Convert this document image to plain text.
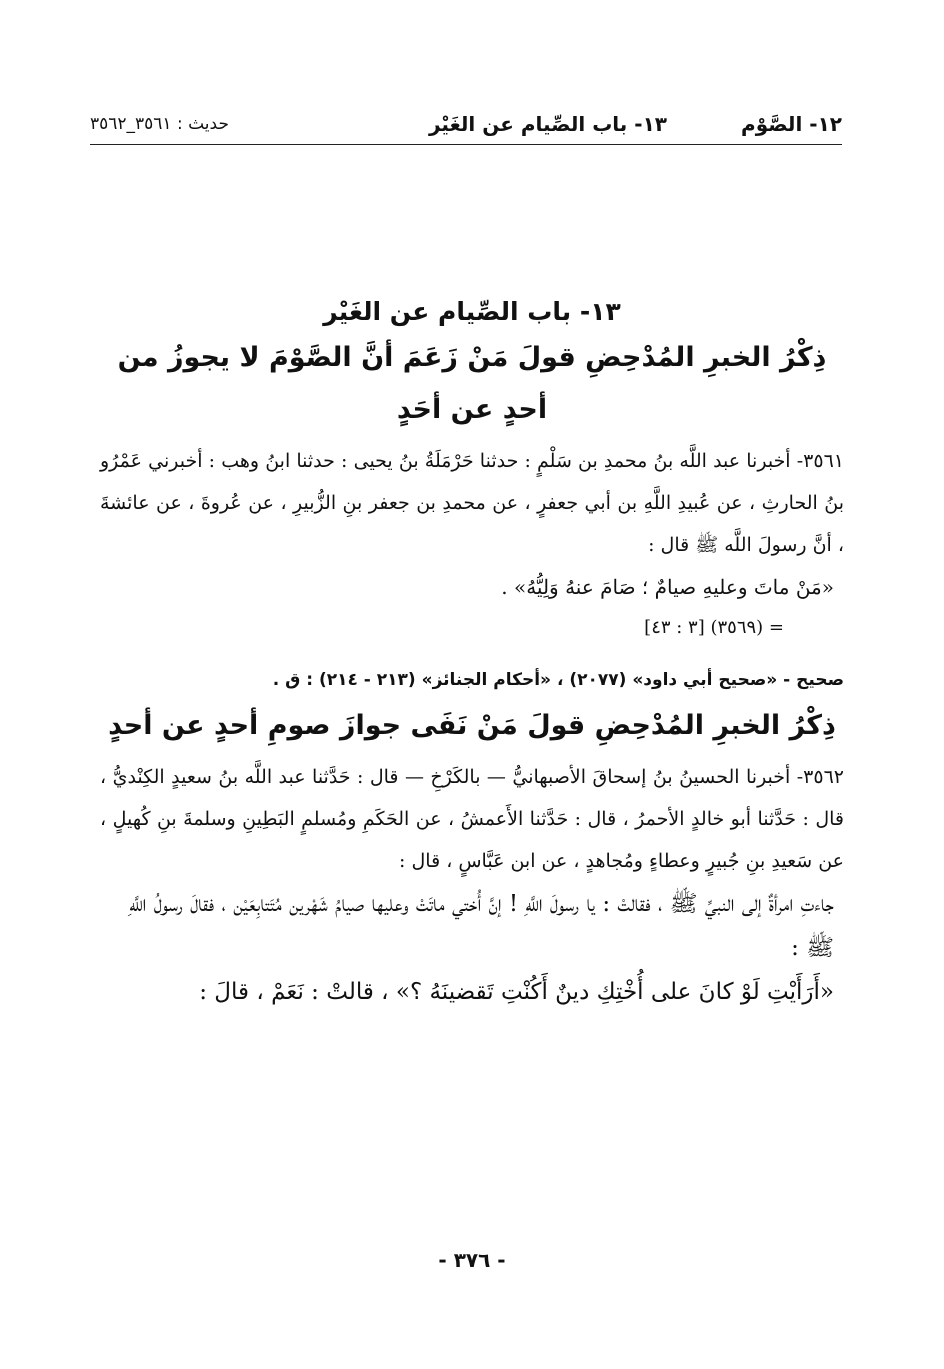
١٢- الصَّوْم
١٣- باب الصِّيام عن الغَيْر
حديث : ٣٥٦١_٣٥٦٢

١٣- باب الصِّيام عن الغَيْر

ذِكْرُ الخبرِ المُدْحِضِ قولَ مَنْ زَعَمَ أنَّ الصَّوْمَ لا يجوزُ من أحدٍ عن أحَدٍ

٣٥٦١- أخبرنا عبد اللَّه بنُ محمدِ بن سَلْمٍ : حدثنا حَرْمَلَةُ بنُ يحيى : حدثنا ابنُ وهب : أخبرني عَمْرُو بنُ الحارثِ ، عن عُبيدِ اللَّهِ بن أبي جعفرٍ ، عن محمدِ بن جعفر بنِ الزُّبيرِ ، عن عُروةَ ، عن عائشةَ ، أنَّ رسولَ اللَّه ﷺ قال :

«مَنْ ماتَ وعليهِ صيامٌ ؛ صَامَ عنهُ وَلِيُّهُ» .

= (٣٥٦٩) [٣ : ٤٣]

صحيح - «صحيح أبي داود» (٢٠٧٧) ، «أحكام الجنائز» (٢١٣ - ٢١٤) : ق .

ذِكْرُ الخبرِ المُدْحِضِ قولَ مَنْ نَفَى جوازَ صومِ أحدٍ عن أحدٍ

٣٥٦٢- أخبرنا الحسينُ بنُ إسحاقَ الأصبهانيُّ — بالكَرْخِ — قال : حَدَّثنا عبد اللَّه بنُ سعيدٍ الكِنْديُّ ، قال : حَدَّثنا أبو خالدٍ الأحمرُ ، قال : حَدَّثنا الأَعمشُ ، عن الحَكَمِ ومُسلمٍ البَطِينِ وسلمةَ بنِ كُهيلٍ ، عن سَعيدِ بنِ جُبيرٍ وعطاءٍ ومُجاهدٍ ، عن ابن عَبَّاسٍ ، قال :

جاءتِ امرأةٌ إلى النبيِّ ﷺ ، فقالتْ : يا رسولَ اللَّهِ ! إنَّ أُختي ماتَتْ وعليها صيامُ شَهْرين مُتَتابِعَيْن ، فقالَ رسولُ اللَّهِ ﷺ :

«أَرَأَيْتِ لَوْ كانَ على أُخْتِكِ دينٌ أَكُنْتِ تَقضينَهُ ؟» ، قالتْ : نَعَمْ ، قالَ :

- ٣٧٦ -
